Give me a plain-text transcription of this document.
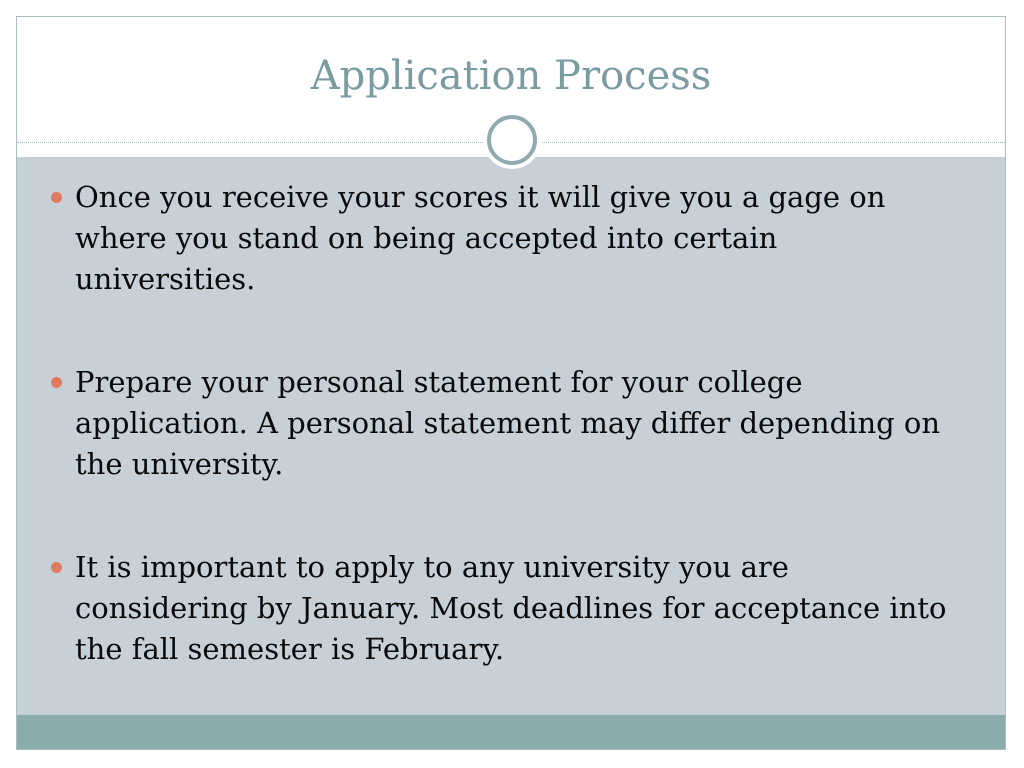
Application Process
Once you receive your scores it will give you a gage on where you stand on being accepted into certain universities.
Prepare your personal statement for your college application. A personal statement may differ depending on the university.
It is important to apply to any university you are considering by January. Most deadlines for acceptance into the fall semester is February.
